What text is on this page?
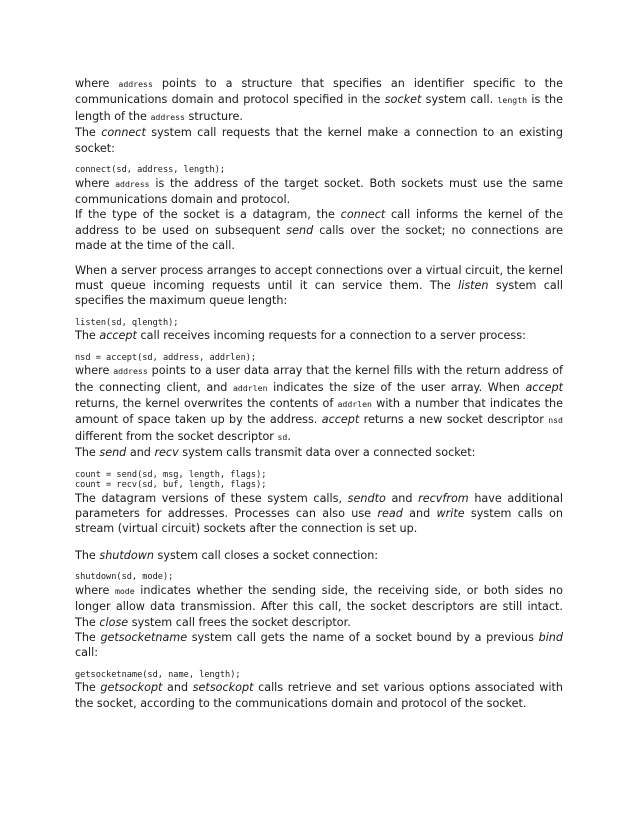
where address points to a structure that specifies an identifier specific to the communications domain and protocol specified in the socket system call. length is the length of the address structure.

The connect system call requests that the kernel make a connection to an existing socket:

connect(sd, address, length);

where address is the address of the target socket. Both sockets must use the same communications domain and protocol.

If the type of the socket is a datagram, the connect call informs the kernel of the address to be used on subsequent send calls over the socket; no connections are made at the time of the call.

When a server process arranges to accept connections over a virtual circuit, the kernel must queue incoming requests until it can service them. The listen system call specifies the maximum queue length:

listen(sd, qlength);

The accept call receives incoming requests for a connection to a server process:

nsd = accept(sd, address, addrlen);

where address points to a user data array that the kernel fills with the return address of the connecting client, and addrlen indicates the size of the user array. When accept returns, the kernel overwrites the contents of addrlen with a number that indicates the amount of space taken up by the address. accept returns a new socket descriptor nsd different from the socket descriptor sd.

The send and recv system calls transmit data over a connected socket:

count = send(sd, msg, length, flags);
count = recv(sd, buf, length, flags);

The datagram versions of these system calls, sendto and recvfrom have additional parameters for addresses. Processes can also use read and write system calls on stream (virtual circuit) sockets after the connection is set up.

The shutdown system call closes a socket connection:

shutdown(sd, mode);

where mode indicates whether the sending side, the receiving side, or both sides no longer allow data transmission. After this call, the socket descriptors are still intact. The close system call frees the socket descriptor.

The getsocketname system call gets the name of a socket bound by a previous bind call:

getsocketname(sd, name, length);

The getsockopt and setsockopt calls retrieve and set various options associated with the socket, according to the communications domain and protocol of the socket.
